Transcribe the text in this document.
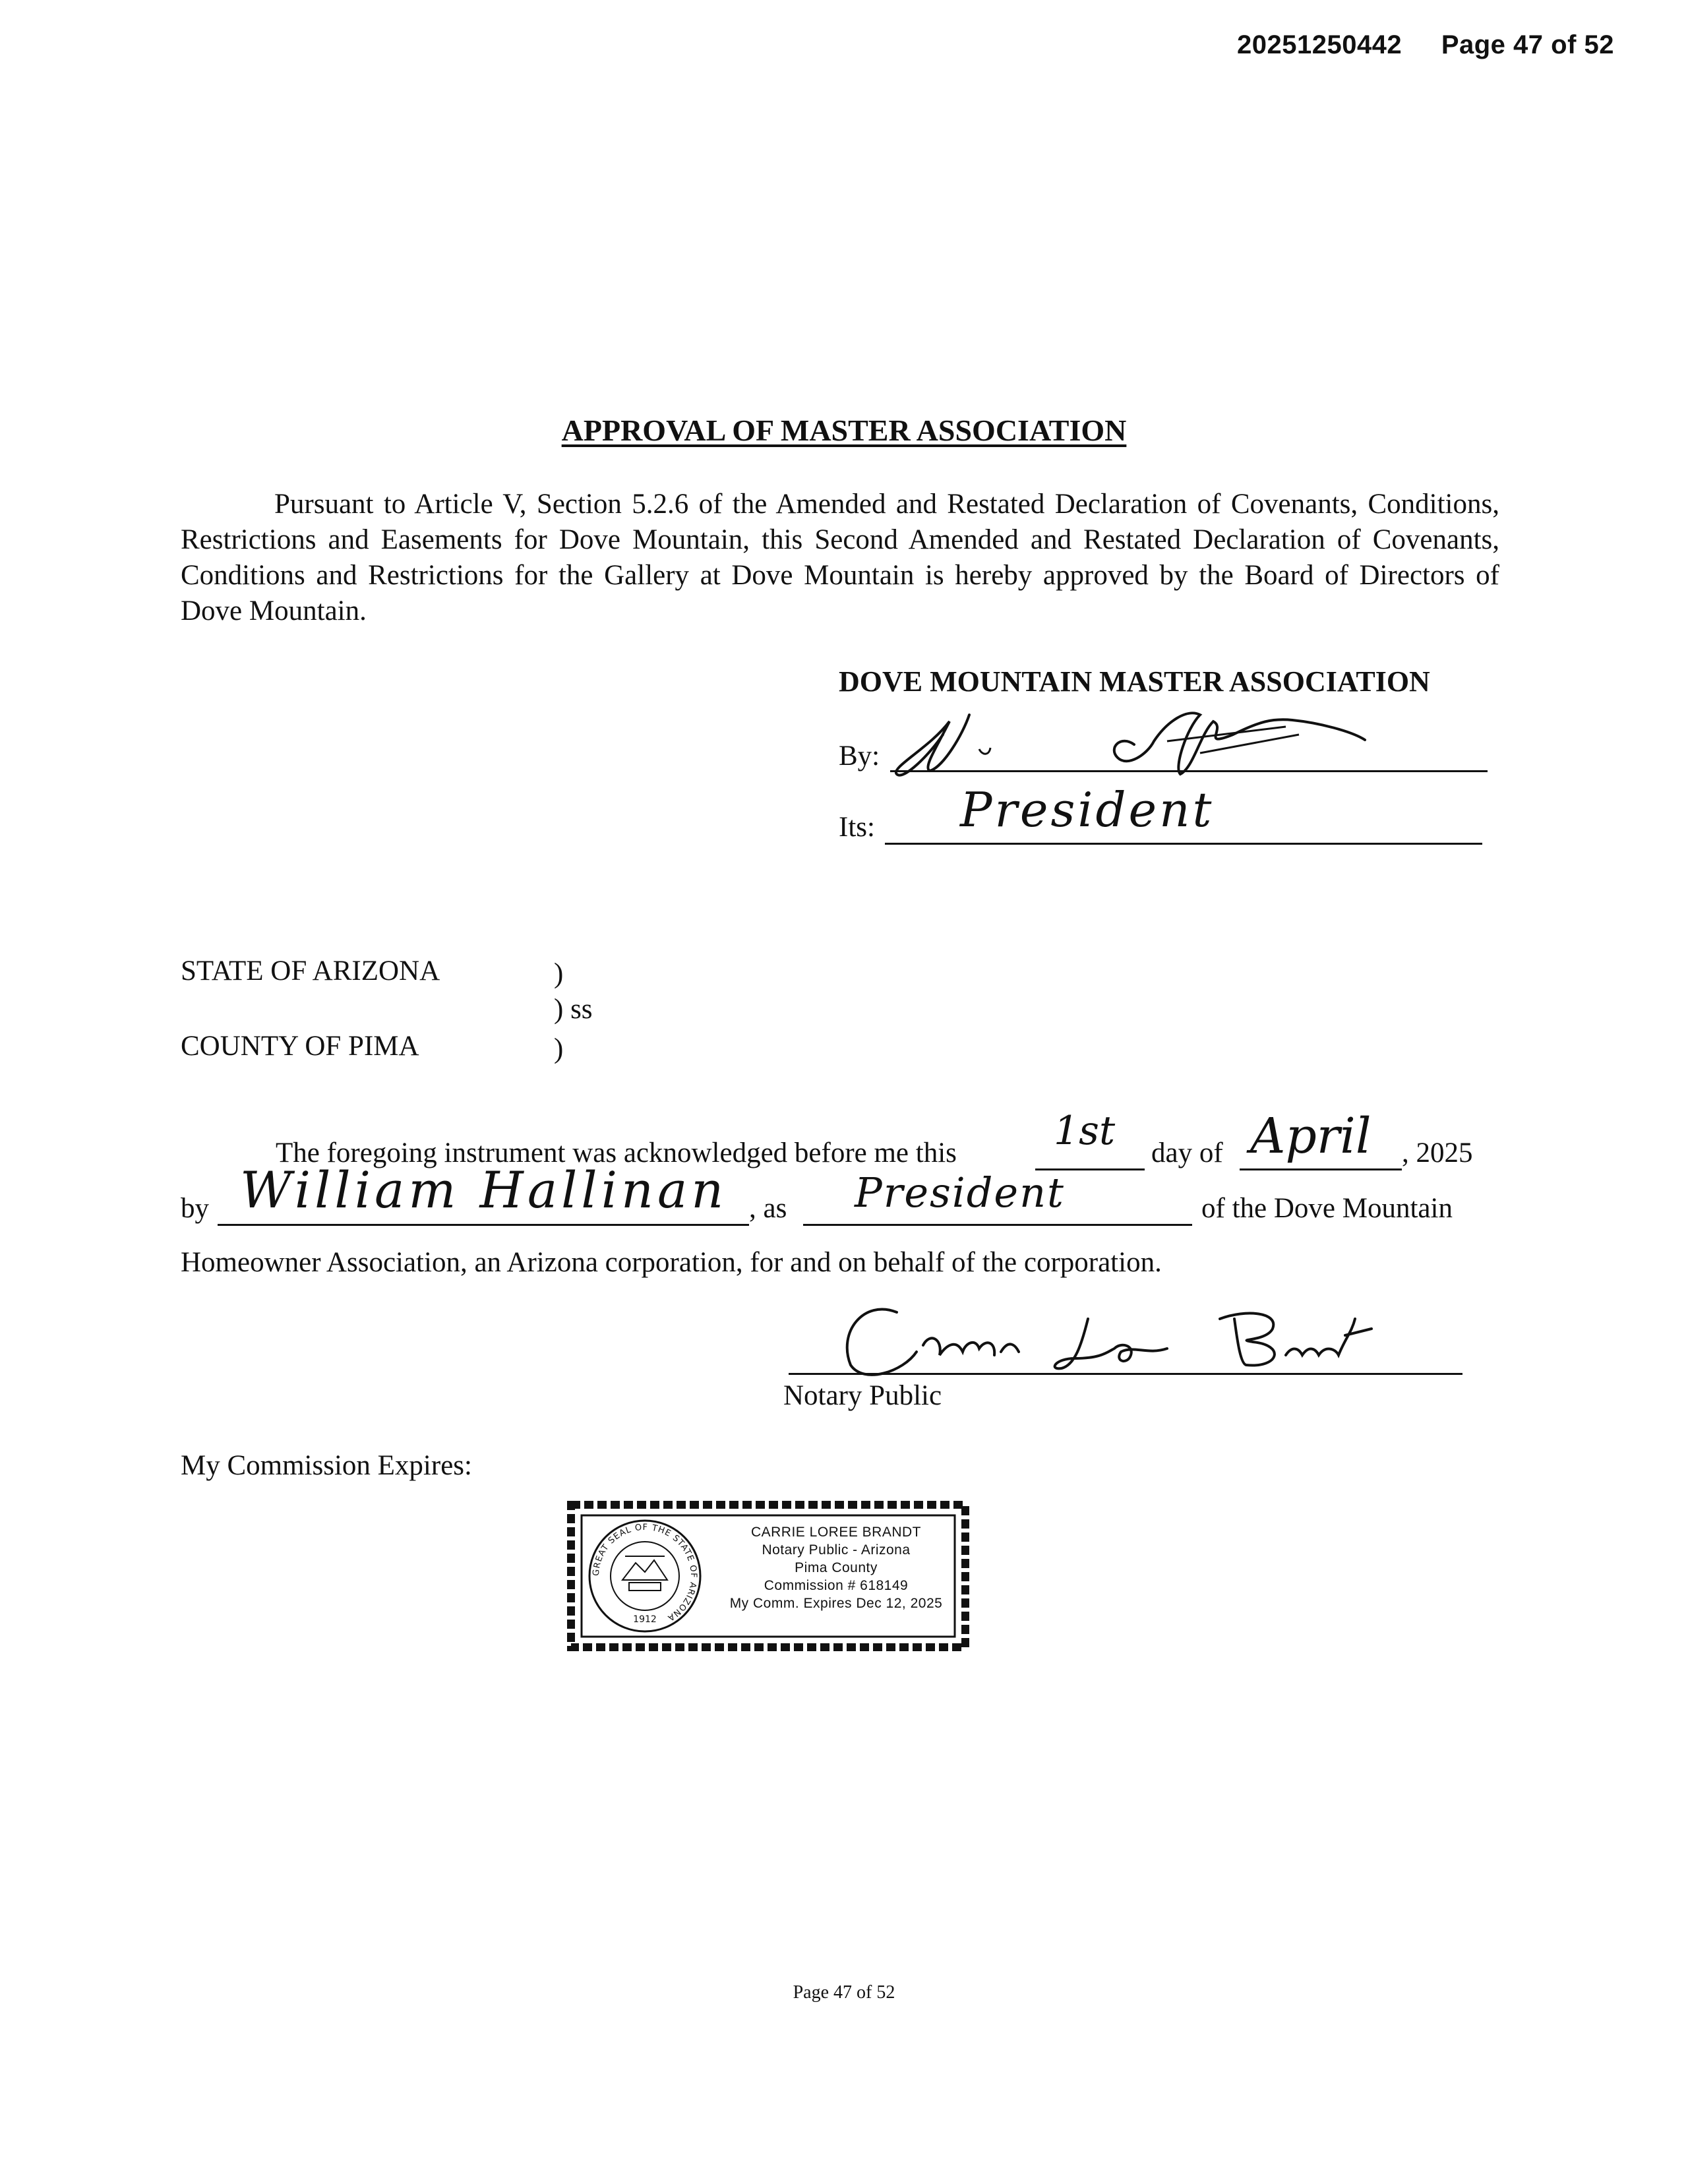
20251250442 Page 47 of 52
APPROVAL OF MASTER ASSOCIATION
Pursuant to Article V, Section 5.2.6 of the Amended and Restated Declaration of Covenants, Conditions, Restrictions and Easements for Dove Mountain, this Second Amended and Restated Declaration of Covenants, Conditions and Restrictions for the Gallery at Dove Mountain is hereby approved by the Board of Directors of Dove Mountain.
DOVE MOUNTAIN MASTER ASSOCIATION
By:
Its: President
STATE OF ARIZONA	)
) ss
COUNTY OF PIMA	)
The foregoing instrument was acknowledged before me this 1st day of April , 2025
by William Hallinan , as President	of the Dove Mountain
Homeowner Association, an Arizona corporation, for and on behalf of the corporation.
Notary Public
My Commission Expires:
GREAT SEAL OF THE STATE OF ARIZONA
1912
CARRIE LOREE BRANDT
Notary Public - Arizona
Pima County
Commission # 618149
My Comm. Expires Dec 12, 2025
Page 47 of 52
